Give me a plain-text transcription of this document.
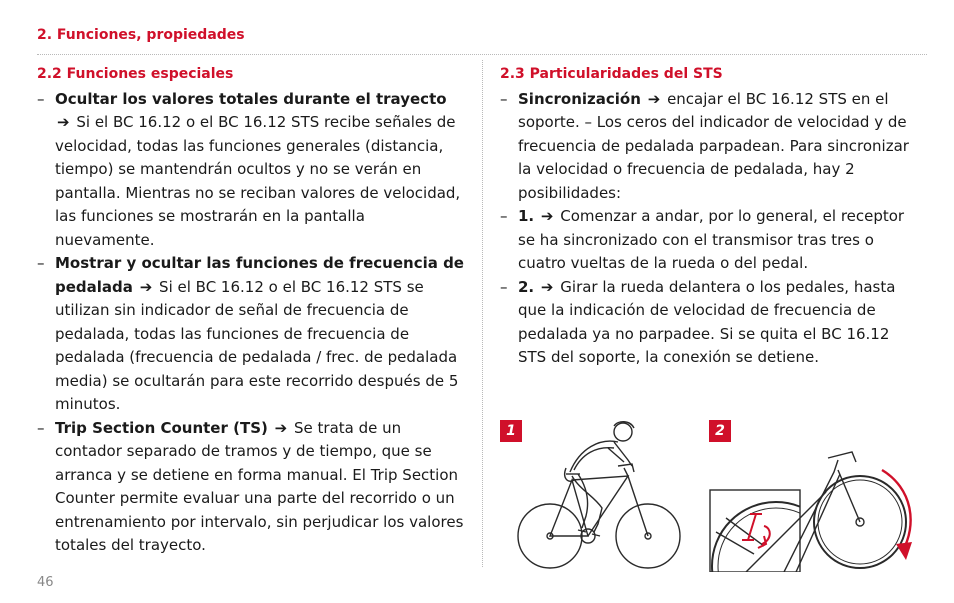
2. Funciones, propiedades
2.2 Funciones especiales
– Ocultar los valores totales durante el trayecto ➔ Si el BC 16.12 o el BC 16.12 STS recibe señales de velocidad, todas las funciones generales (distancia, tiempo) se mantendrán ocultos y no se verán en pantalla. Mientras no se reciban valores de velocidad, las funciones se mostrarán en la pantalla nuevamente.
– Mostrar y ocultar las funciones de frecuencia de pedalada ➔ Si el BC 16.12 o el BC 16.12 STS se utilizan sin indicador de señal de frecuencia de pedalada, todas las funciones de frecuencia de pedalada (frecuencia de pedalada / frec. de pedalada media) se ocultarán para este recorrido después de 5 minutos.
– Trip Section Counter (TS) ➔ Se trata de un contador separado de tramos y de tiempo, que se arranca y se detiene en forma manual. El Trip Section Counter permite evaluar una parte del recorrido o un entrenamiento por intervalo, sin perjudicar los valores totales del trayecto.
2.3 Particularidades del STS
– Sincronización ➔ encajar el BC 16.12 STS en el soporte. – Los ceros del indicador de velocidad y de frecuencia de pedalada parpadean. Para sincronizar la velocidad o frecuencia de pedalada, hay 2 posibilidades:
– 1. ➔ Comenzar a andar, por lo general, el receptor se ha sincronizado con el transmisor tras tres o cuatro vueltas de la rueda o del pedal.
– 2. ➔ Girar la rueda delantera o los pedales, hasta que la indicación de velocidad de frecuencia de pedalada ya no parpadee. Si se quita el BC 16.12 STS del soporte, la conexión se detiene.
1	2
46
